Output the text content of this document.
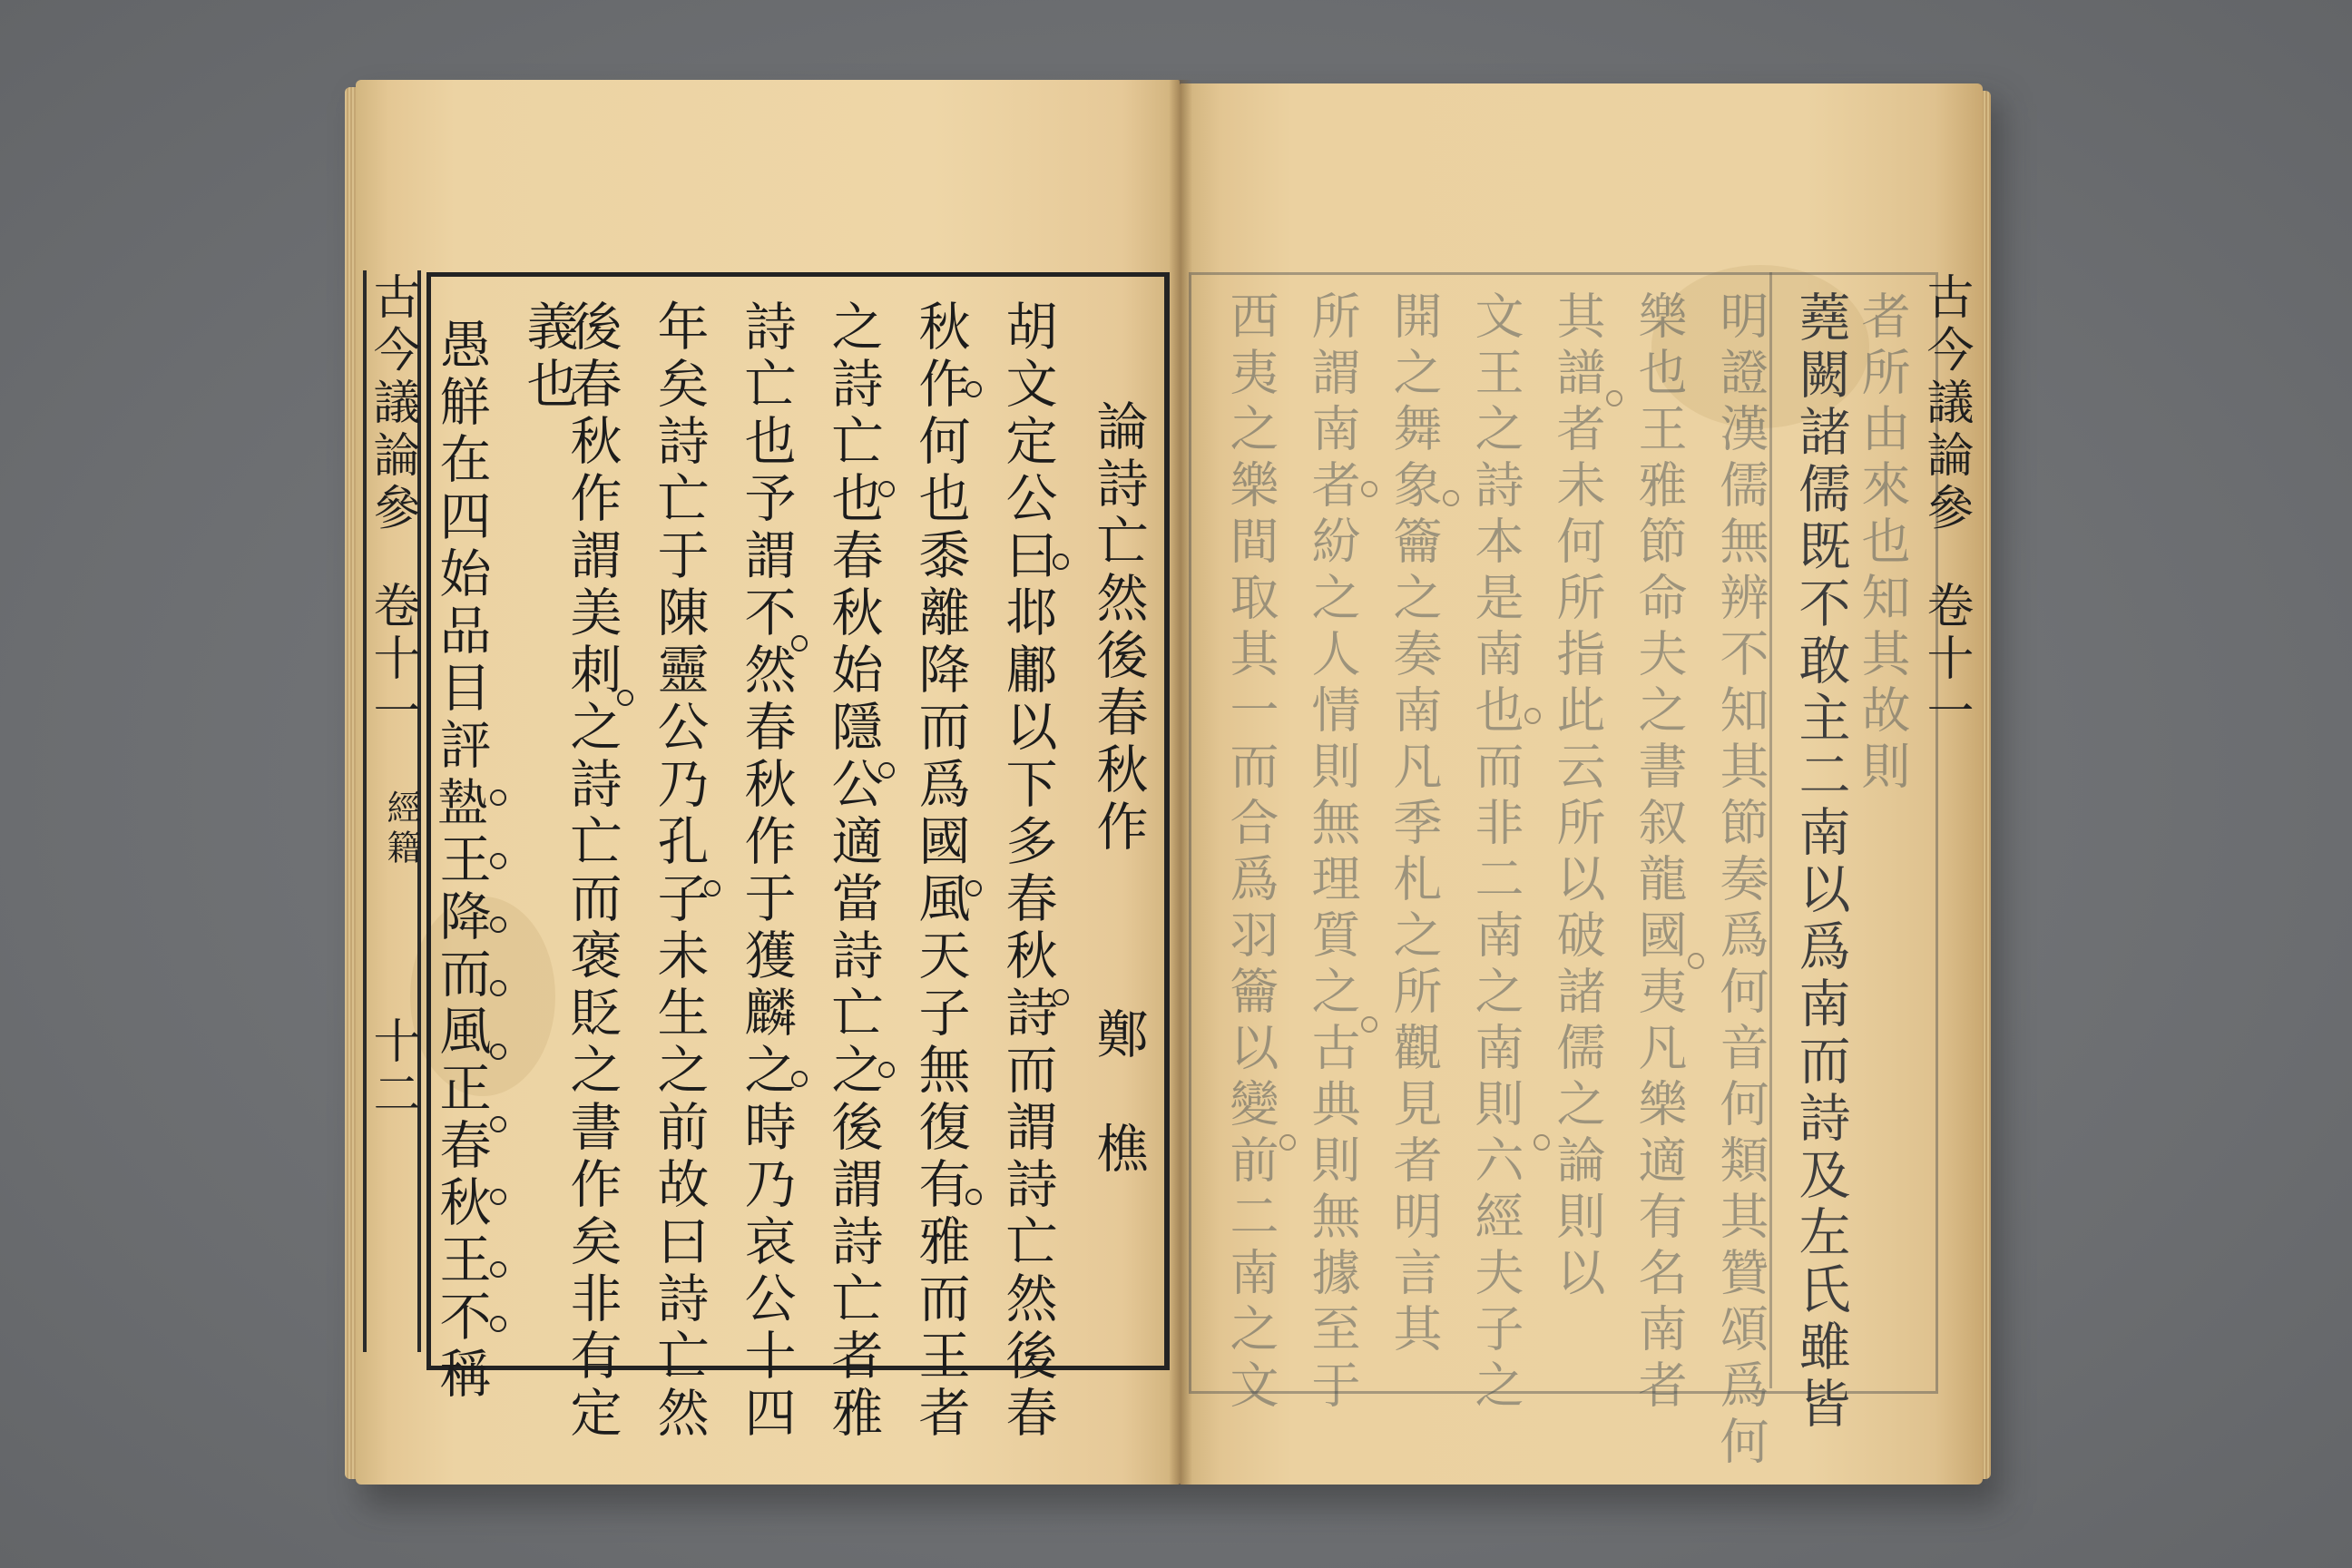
古今議論參
卷十一
經籍
十二
論詩亡然後春秋作
鄭　樵
胡文定公曰邶鄘以下多春秋詩而謂詩亡然後春
秋作何也黍離降而爲國風天子無復有雅而王者
之詩亡也春秋始隱公適當詩亡之後謂詩亡者雅
詩亡也予謂不然春秋作于獲麟之時乃哀公十四
年矣詩亡于陳靈公乃孔子未生之前故曰詩亡然
後春秋作謂美刺之詩亡而褒貶之書作矣非有定
義也
愚觧在四始品目評𥂕王降而風正春秋王不稱	古今議論參
卷十一
者所由來也知其故則
蕘闕諸儒既不敢主二南以爲南而詩及左氏雖皆
明證漢儒無辨不知其節奏爲何音何類其贊頌爲何
樂也王雅節命夫之書叙龍國夷凡樂適有名南者
其譜者未何所指此云所以破諸儒之論則以
文王之詩本是南也而非二南之南則六經夫子之
開之舞象籥之奏南凡季札之所觀見者明言其
所謂南者紛之人情則無理質之古典則無據至于
西夷之樂間取其一而合爲羽籥以變前二南之文
